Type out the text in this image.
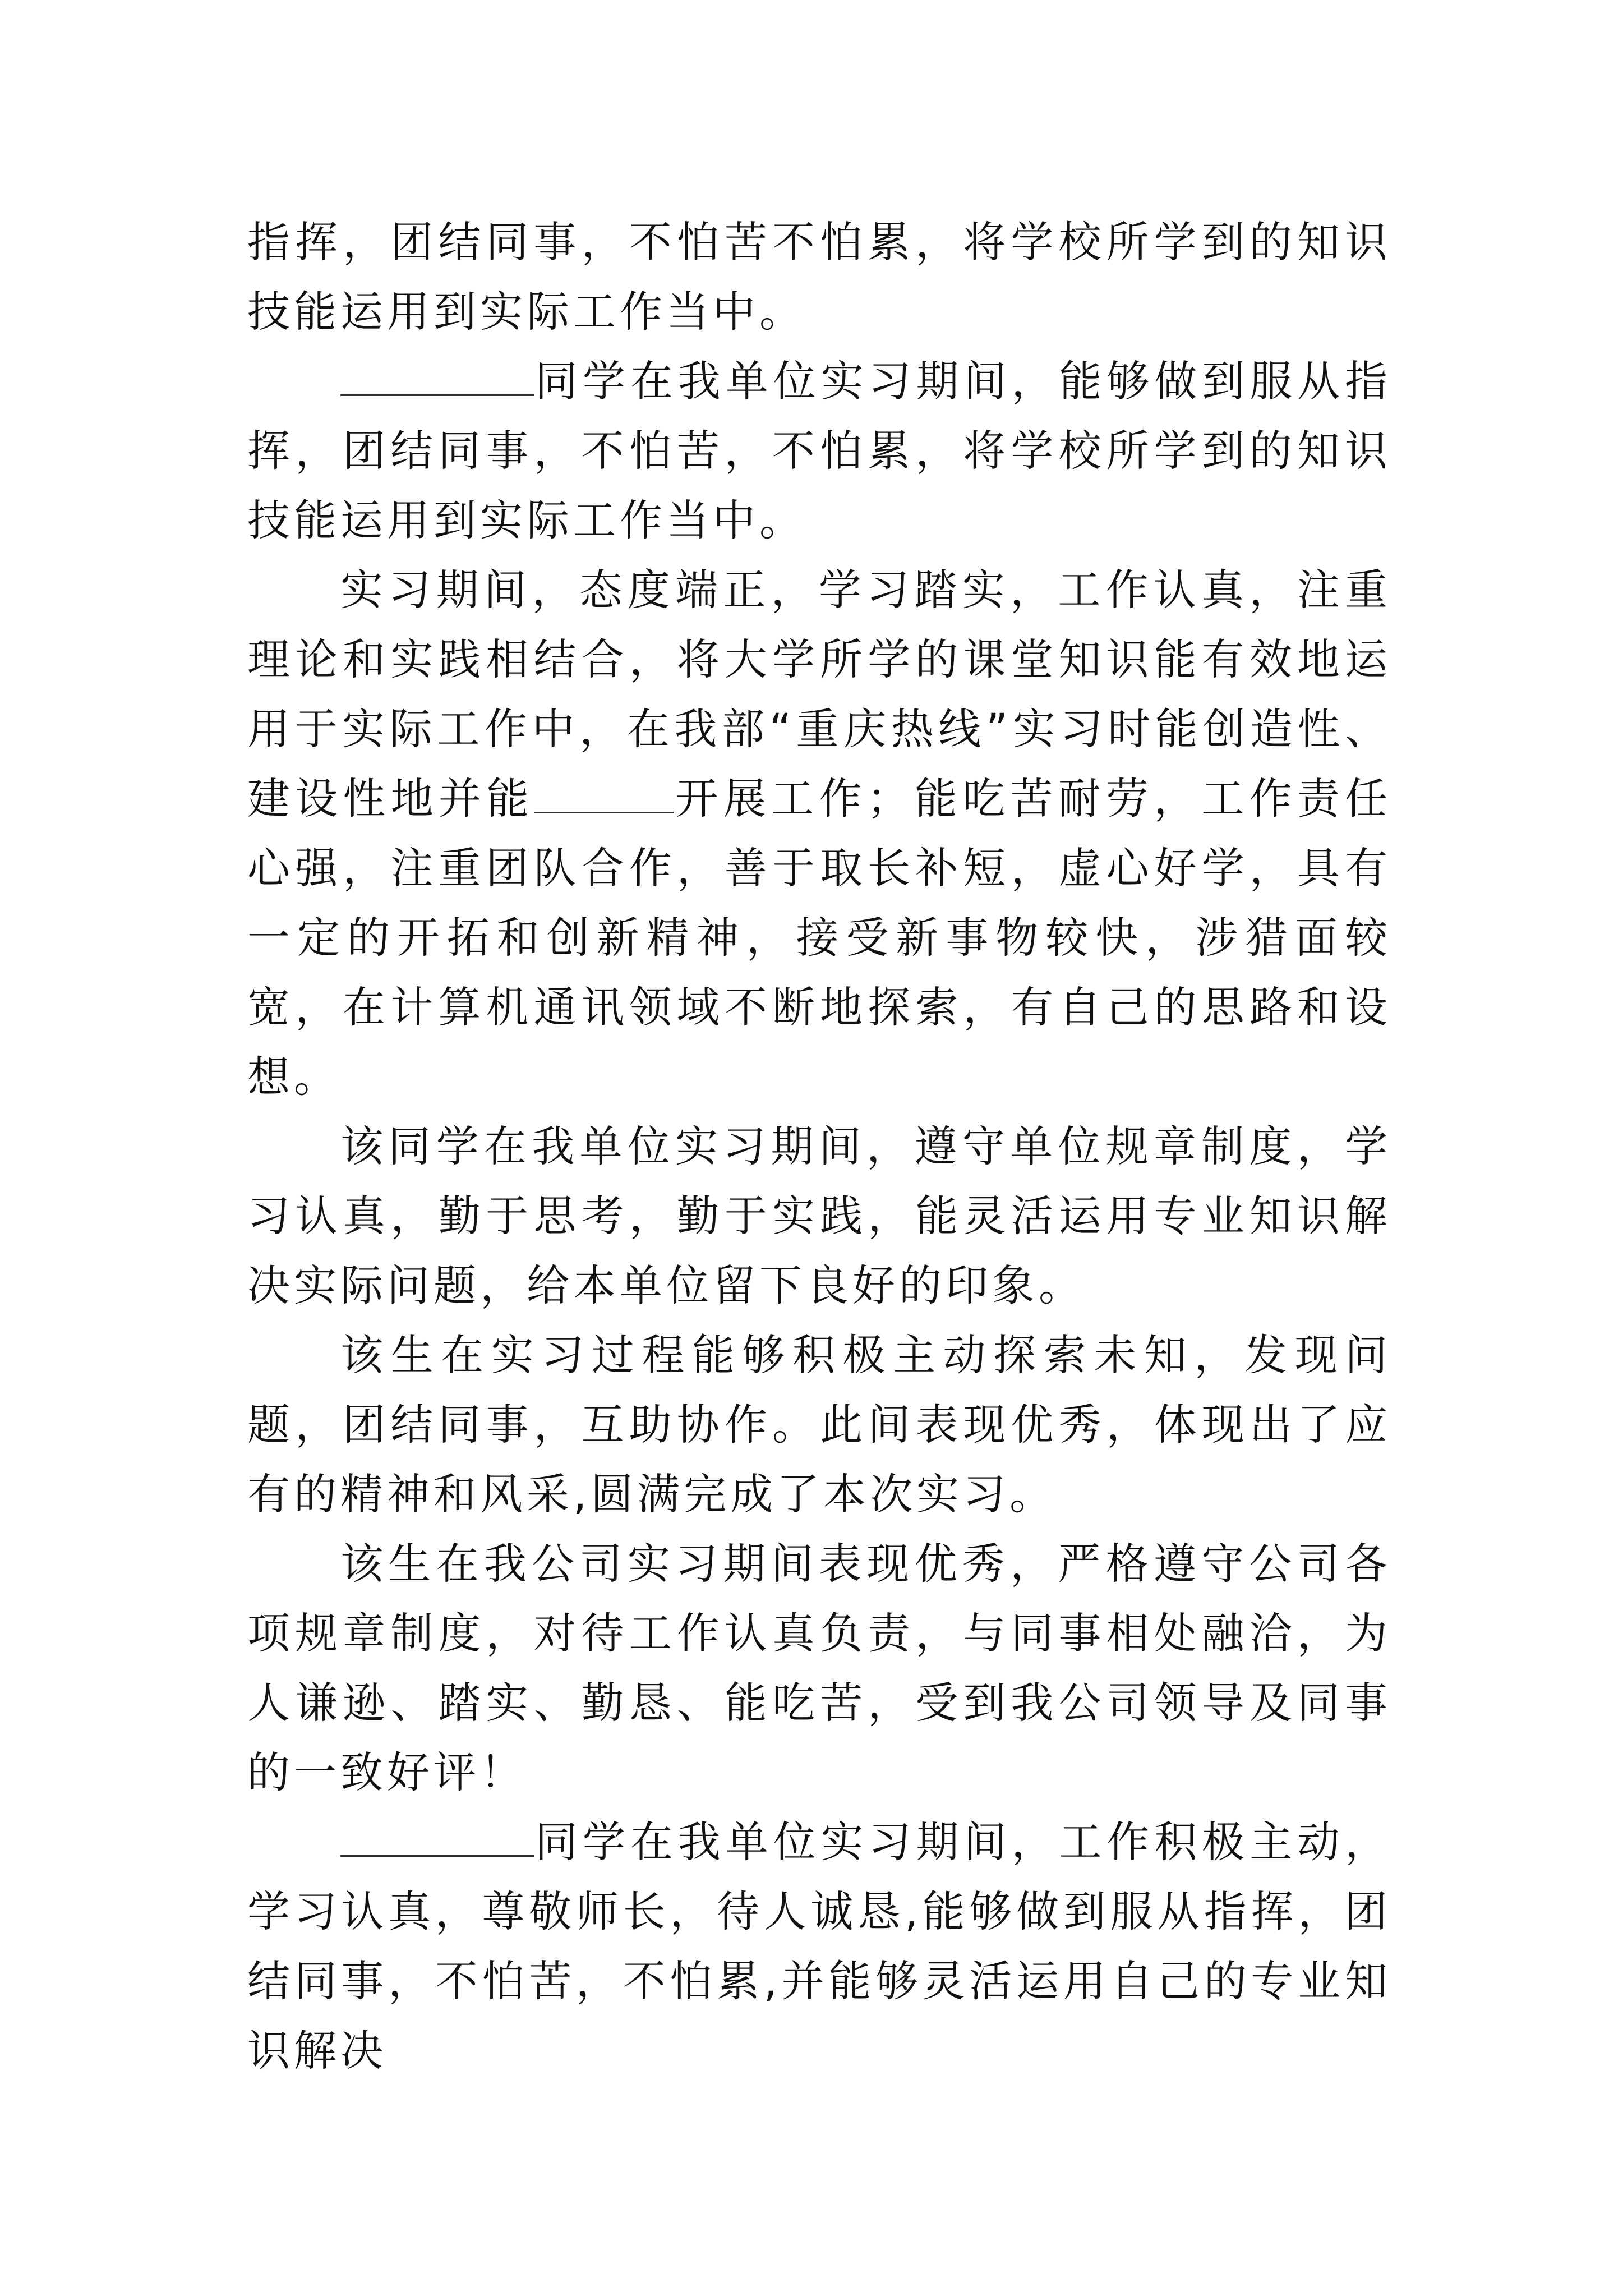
指挥，团结同事，不怕苦不怕累，将学校所学到的知识技能运用到实际工作当中。

同学在我单位实习期间，能够做到服从指挥，团结同事，不怕苦，不怕累，将学校所学到的知识技能运用到实际工作当中。

实习期间，态度端正，学习踏实，工作认真，注重理论和实践相结合，将大学所学的课堂知识能有效地运用于实际工作中，在我部“重庆热线”实习时能创造性、建设性地并能	开展工作；能吃苦耐劳，工作责任心强，注重团队合作，善于取长补短，虚心好学，具有一定的开拓和创新精神，接受新事物较快，涉猎面较宽，在计算机通讯领域不断地探索，有自己的思路和设想。

该同学在我单位实习期间，遵守单位规章制度，学习认真，勤于思考，勤于实践，能灵活运用专业知识解决实际问题，给本单位留下良好的印象。

该生在实习过程能够积极主动探索未知，发现问题，团结同事，互助协作。此间表现优秀，体现出了应有的精神和风采,圆满完成了本次实习。

该生在我公司实习期间表现优秀，严格遵守公司各项规章制度，对待工作认真负责，与同事相处融洽，为人谦逊、踏实、勤恳、能吃苦，受到我公司领导及同事的一致好评！

同学在我单位实习期间，工作积极主动，学习认真，尊敬师长，待人诚恳,能够做到服从指挥，团结同事，不怕苦，不怕累,并能够灵活运用自己的专业知识解决
